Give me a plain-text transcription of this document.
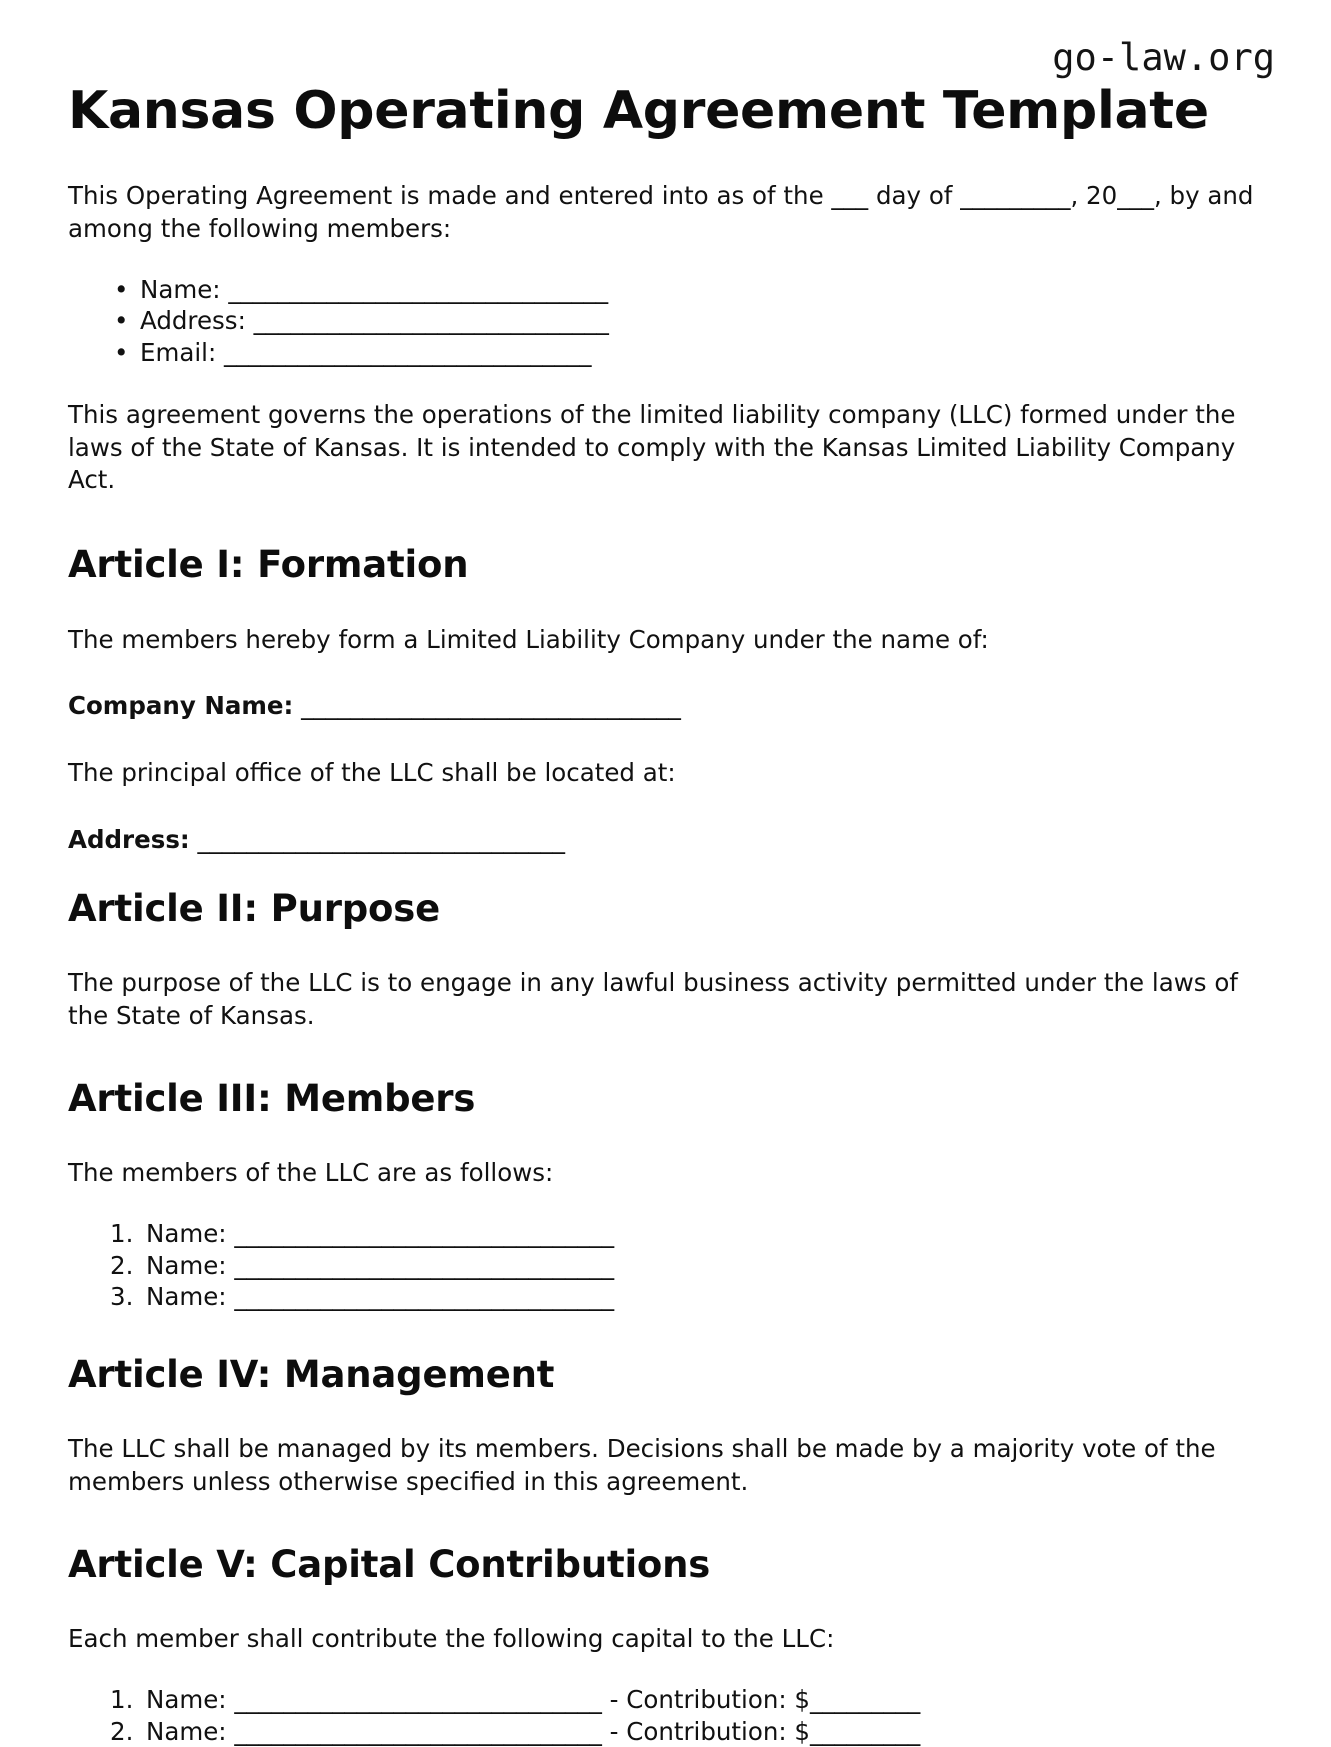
go-law.org
Kansas Operating Agreement Template

This Operating Agreement is made and entered into as of the ___ day of _________, 20___, by and among the following members:

• Name: _______________________________
• Address: _____________________________
• Email: ______________________________

This agreement governs the operations of the limited liability company (LLC) formed under the laws of the State of Kansas. It is intended to comply with the Kansas Limited Liability Company Act.

Article I: Formation

The members hereby form a Limited Liability Company under the name of:

Company Name: _______________________________

The principal office of the LLC shall be located at:

Address: ______________________________

Article II: Purpose

The purpose of the LLC is to engage in any lawful business activity permitted under the laws of the State of Kansas.

Article III: Members

The members of the LLC are as follows:

Name: _______________________________
Name: _______________________________
Name: _______________________________
Article IV: Management

The LLC shall be managed by its members. Decisions shall be made by a majority vote of the members unless otherwise specified in this agreement.

Article V: Capital Contributions

Each member shall contribute the following capital to the LLC:

Name: ______________________________ - Contribution: $_________
Name: ______________________________ - Contribution: $_________
